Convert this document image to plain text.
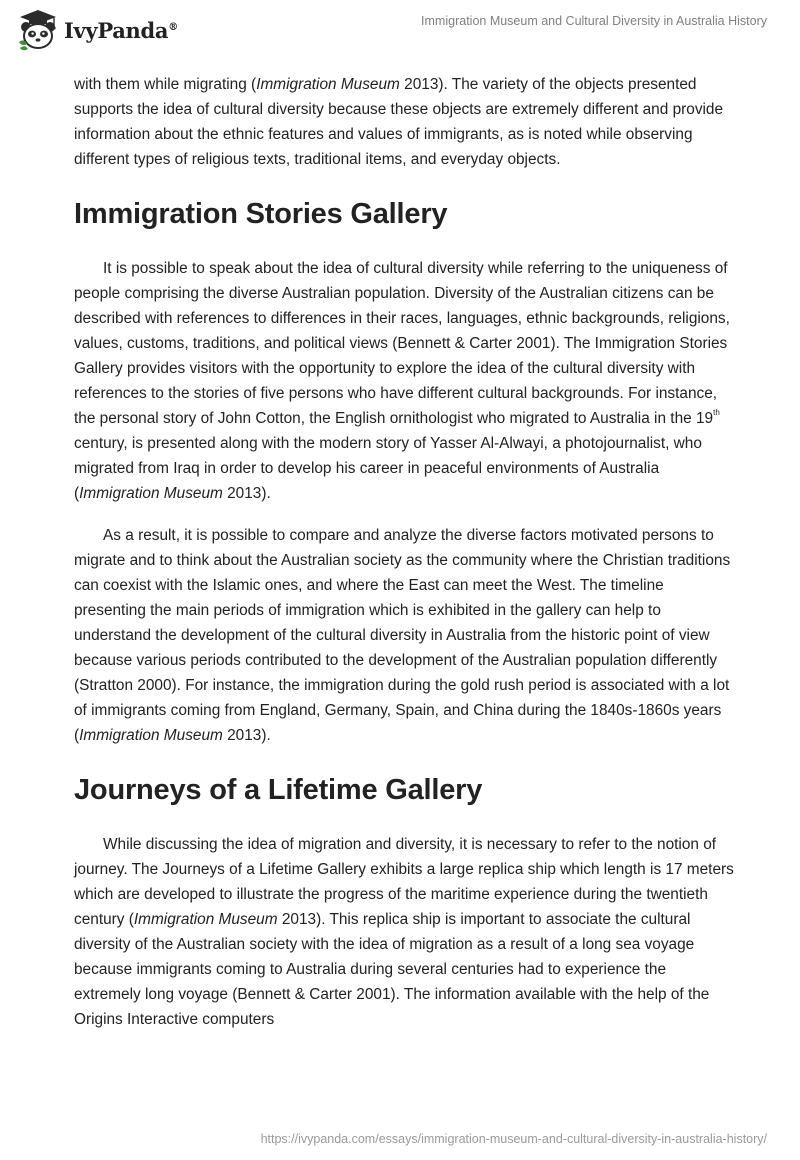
IvyPanda®	Immigration Museum and Cultural Diversity in Australia History

with them while migrating (Immigration Museum 2013). The variety of the objects presented supports the idea of cultural diversity because these objects are extremely different and provide information about the ethnic features and values of immigrants, as is noted while observing different types of religious texts, traditional items, and everyday objects.

Immigration Stories Gallery

It is possible to speak about the idea of cultural diversity while referring to the uniqueness of people comprising the diverse Australian population. Diversity of the Australian citizens can be described with references to differences in their races, languages, ethnic backgrounds, religions, values, customs, traditions, and political views (Bennett & Carter 2001). The Immigration Stories Gallery provides visitors with the opportunity to explore the idea of the cultural diversity with references to the stories of five persons who have different cultural backgrounds. For instance, the personal story of John Cotton, the English ornithologist who migrated to Australia in the 19th century, is presented along with the modern story of Yasser Al-Alwayi, a photojournalist, who migrated from Iraq in order to develop his career in peaceful environments of Australia (Immigration Museum 2013).

As a result, it is possible to compare and analyze the diverse factors motivated persons to migrate and to think about the Australian society as the community where the Christian traditions can coexist with the Islamic ones, and where the East can meet the West. The timeline presenting the main periods of immigration which is exhibited in the gallery can help to understand the development of the cultural diversity in Australia from the historic point of view because various periods contributed to the development of the Australian population differently (Stratton 2000). For instance, the immigration during the gold rush period is associated with a lot of immigrants coming from England, Germany, Spain, and China during the 1840s-1860s years (Immigration Museum 2013).

Journeys of a Lifetime Gallery

While discussing the idea of migration and diversity, it is necessary to refer to the notion of journey. The Journeys of a Lifetime Gallery exhibits a large replica ship which length is 17 meters which are developed to illustrate the progress of the maritime experience during the twentieth century (Immigration Museum 2013). This replica ship is important to associate the cultural diversity of the Australian society with the idea of migration as a result of a long sea voyage because immigrants coming to Australia during several centuries had to experience the extremely long voyage (Bennett & Carter 2001). The information available with the help of the Origins Interactive computers

https://ivypanda.com/essays/immigration-museum-and-cultural-diversity-in-australia-history/
